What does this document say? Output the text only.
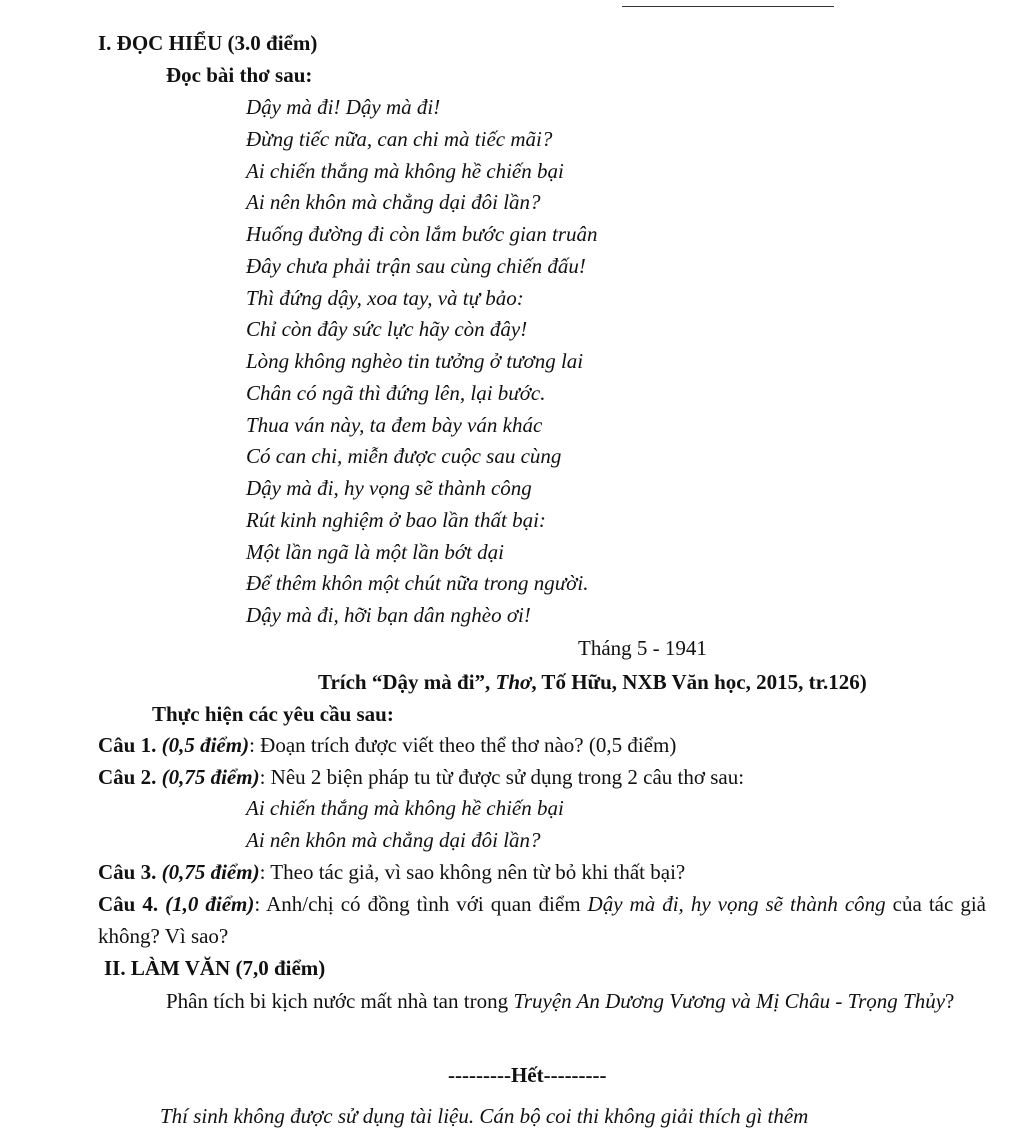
I. ĐỌC HIỂU (3.0 điểm)
Đọc bài thơ sau:
Dậy mà đi! Dậy mà đi!
Đừng tiếc nữa, can chi mà tiếc mãi?
Ai chiến thắng mà không hề chiến bại
Ai nên khôn mà chẳng dại đôi lần?
Huống đường đi còn lắm bước gian truân
Đây chưa phải trận sau cùng chiến đấu!
Thì đứng dậy, xoa tay, và tự bảo:
Chỉ còn đây sức lực hãy còn đây!
Lòng không nghèo tin tưởng ở tương lai
Chân có ngã thì đứng lên, lại bước.
Thua ván này, ta đem bày ván khác
Có can chi, miễn được cuộc sau cùng
Dậy mà đi, hy vọng sẽ thành công
Rút kinh nghiệm ở bao lần thất bại:
Một lần ngã là một lần bớt dại
Để thêm khôn một chút nữa trong người.
Dậy mà đi, hỡi bạn dân nghèo ơi!
Tháng 5 - 1941
Trích “Dậy mà đi”, Thơ, Tố Hữu, NXB Văn học, 2015, tr.126)
Thực hiện các yêu cầu sau:
Câu 1. (0,5 điểm): Đoạn trích được viết theo thể thơ nào? (0,5 điểm)
Câu 2. (0,75 điểm): Nêu 2 biện pháp tu từ được sử dụng trong 2 câu thơ sau:
Ai chiến thắng mà không hề chiến bại
Ai nên khôn mà chẳng dại đôi lần?
Câu 3. (0,75 điểm): Theo tác giả, vì sao không nên từ bỏ khi thất bại?
Câu 4. (1,0 điểm): Anh/chị có đồng tình với quan điểm Dậy mà đi, hy vọng sẽ thành công của tác giả không? Vì sao?
II. LÀM VĂN (7,0 điểm)
Phân tích bi kịch nước mất nhà tan trong Truyện An Dương Vương và Mị Châu - Trọng Thủy?
---------Hết---------
Thí sinh không được sử dụng tài liệu. Cán bộ coi thi không giải thích gì thêm
